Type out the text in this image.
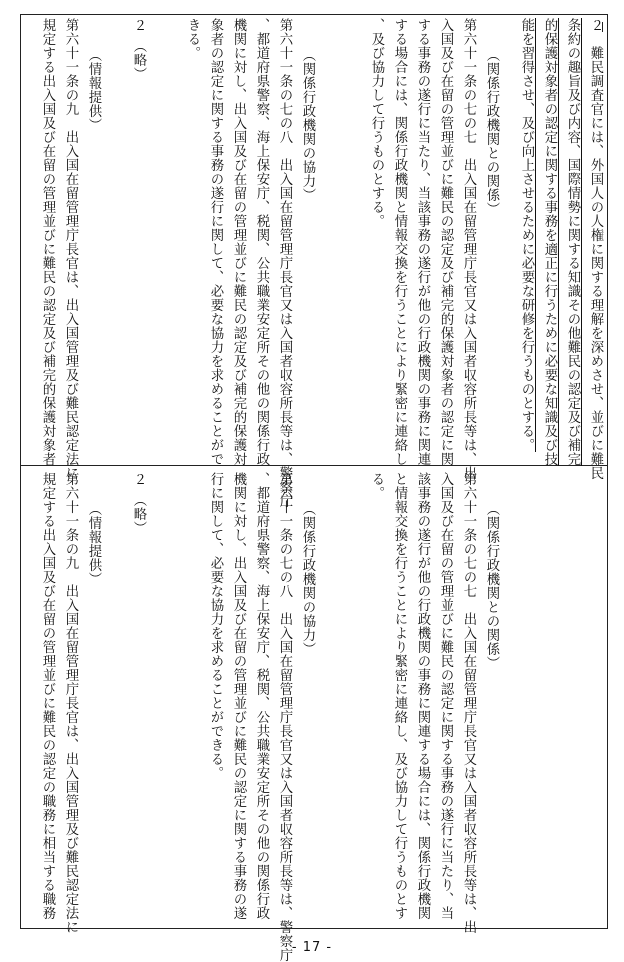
２　難民調査官には、外国人の人権に関する理解を深めさせ、並びに難民
条約の趣旨及び内容、国際情勢に関する知識その他難民の認定及び補完
的保護対象者の認定に関する事務を適正に行うために必要な知識及び技
能を習得させ、及び向上させるために必要な研修を行うものとする。
（関係行政機関との関係）
第六十一条の七の七　出入国在留管理庁長官又は入国者収容所長等は、出
入国及び在留の管理並びに難民の認定及び補完的保護対象者の認定に関
する事務の遂行に当たり、当該事務の遂行が他の行政機関の事務に関連
する場合には、関係行政機関と情報交換を行うことにより緊密に連絡し
、及び協力して行うものとする。
（関係行政機関の協力）
第六十一条の七の八　出入国在留管理庁長官又は入国者収容所長等は、警察庁
、都道府県警察、海上保安庁、税関、公共職業安定所その他の関係行政
機関に対し、出入国及び在留の管理並びに難民の認定及び補完的保護対
象者の認定に関する事務の遂行に関して、必要な協力を求めることがで
きる。
２　（略）
（情報提供）
第六十一条の九　出入国在留管理庁長官は、出入国管理及び難民認定法に
規定する出入国及び在留の管理並びに難民の認定及び補完的保護対象者
（関係行政機関との関係）
第六十一条の七の七　出入国在留管理庁長官又は入国者収容所長等は、出
入国及び在留の管理並びに難民の認定に関する事務の遂行に当たり、当
該事務の遂行が他の行政機関の事務に関連する場合には、関係行政機関
と情報交換を行うことにより緊密に連絡し、及び協力して行うものとす
る。
（関係行政機関の協力）
第六十一条の七の八　出入国在留管理庁長官又は入国者収容所長等は、警察庁
、都道府県警察、海上保安庁、税関、公共職業安定所その他の関係行政
機関に対し、出入国及び在留の管理並びに難民の認定に関する事務の遂
行に関して、必要な協力を求めることができる。
２　（略）
（情報提供）
第六十一条の九　出入国在留管理庁長官は、出入国管理及び難民認定法に
規定する出入国及び在留の管理並びに難民の認定の職務に相当する職務
- 17 -
